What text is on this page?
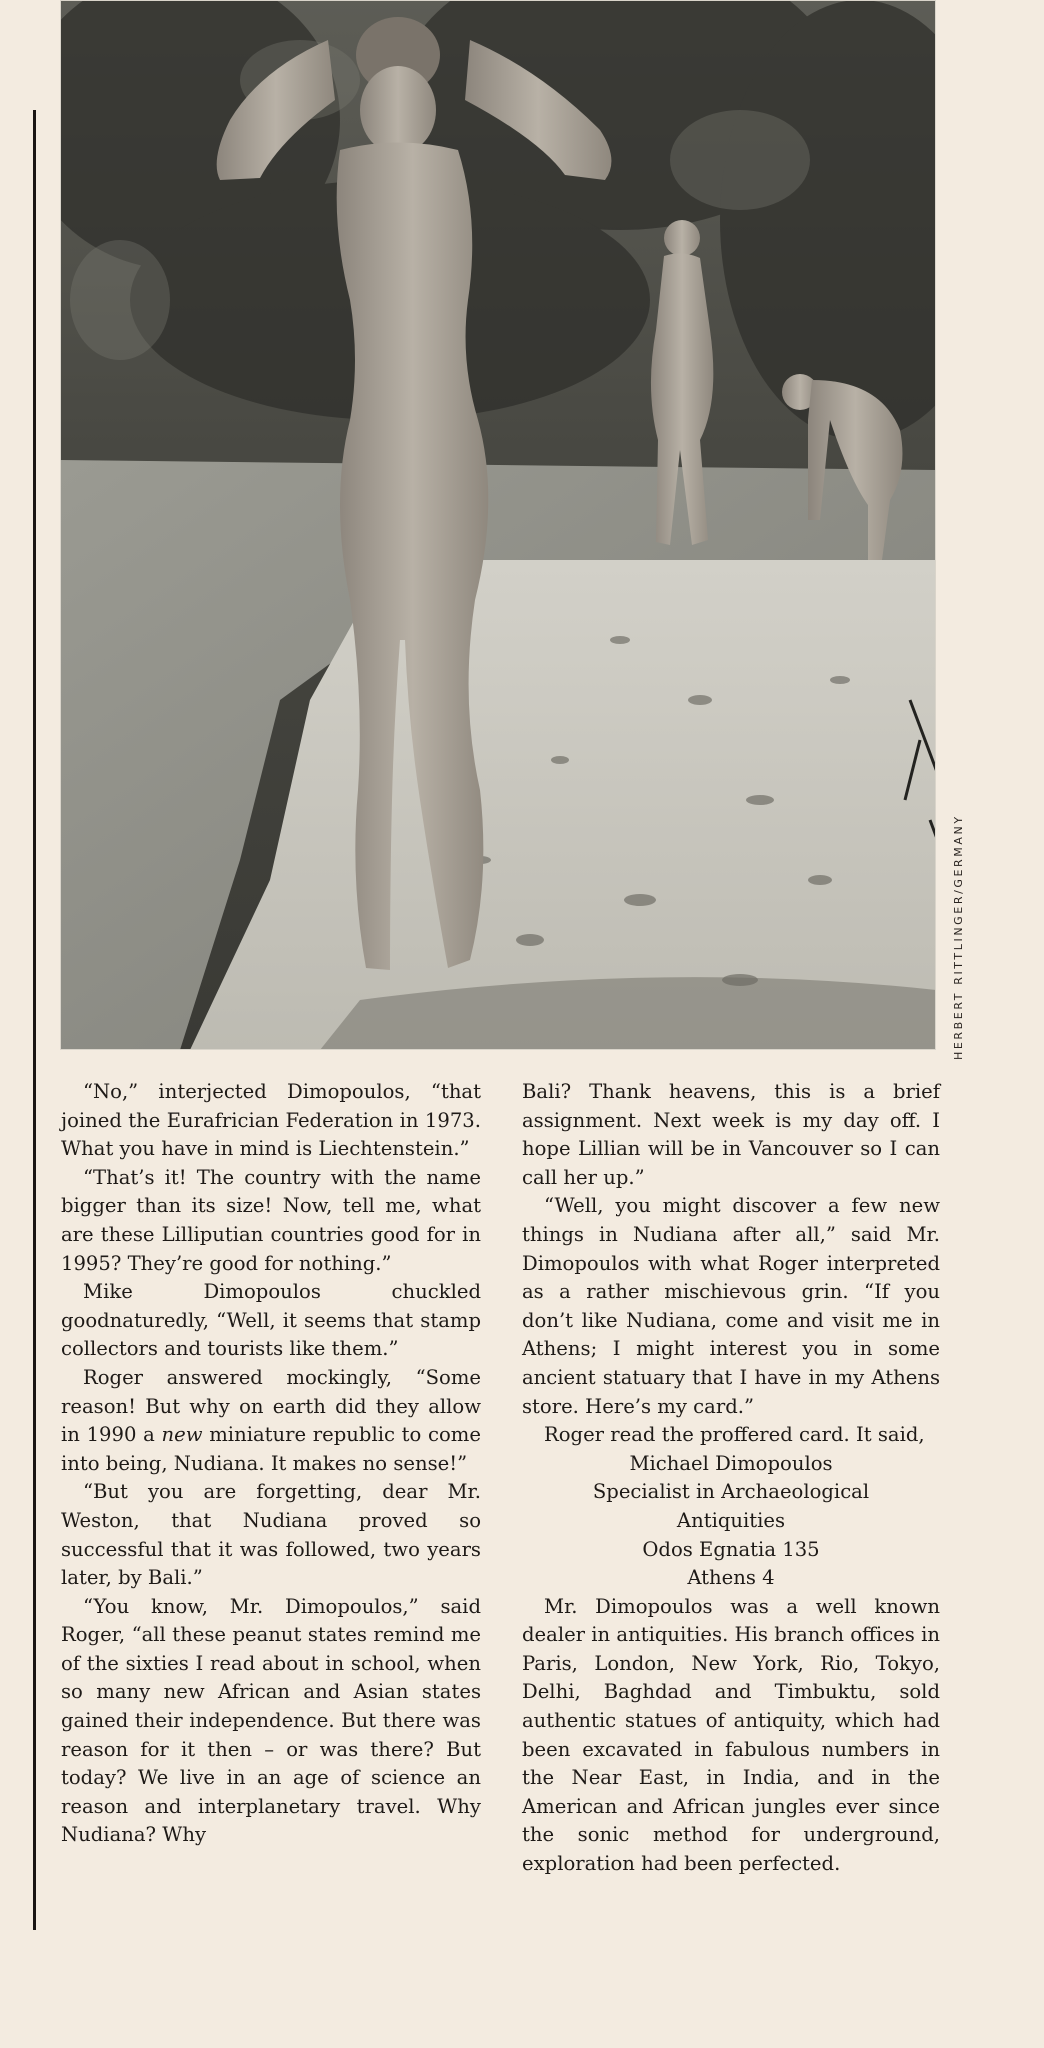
HERBERT RITTLINGER/GERMANY

“No,” interjected Dimopoulos, “that joined the Eurafrician Federation in 1973. What you have in mind is Liechtenstein.”

“That’s it! The country with the name bigger than its size! Now, tell me, what are these Lilliputian countries good for in 1995? They’re good for nothing.”

Mike Dimopoulos chuckled goodnaturedly, “Well, it seems that stamp collectors and tourists like them.”

Roger answered mockingly, “Some reason! But why on earth did they allow in 1990 a new miniature republic to come into being, Nudiana. It makes no sense!”

“But you are forgetting, dear Mr. Weston, that Nudiana proved so successful that it was followed, two years later, by Bali.”

“You know, Mr. Dimopoulos,” said Roger, “all these peanut states remind me of the sixties I read about in school, when so many new African and Asian states gained their independence. But there was reason for it then – or was there? But today? We live in an age of science an reason and interplanetary travel. Why Nudiana? Why

Bali? Thank heavens, this is a brief assignment. Next week is my day off. I hope Lillian will be in Vancouver so I can call her up.”

“Well, you might discover a few new things in Nudiana after all,” said Mr. Dimopoulos with what Roger interpreted as a rather mischievous grin. “If you don’t like Nudiana, come and visit me in Athens; I might interest you in some ancient statuary that I have in my Athens store. Here’s my card.”

Roger read the proffered card. It said,

Michael Dimopoulos
Specialist in Archaeological
Antiquities
Odos Egnatia 135
Athens 4

Mr. Dimopoulos was a well known dealer in antiquities. His branch offices in Paris, London, New York, Rio, Tokyo, Delhi, Baghdad and Timbuktu, sold authentic statues of antiquity, which had been excavated in fabulous numbers in the Near East, in India, and in the American and African jungles ever since the sonic method for underground, exploration had been perfected.
